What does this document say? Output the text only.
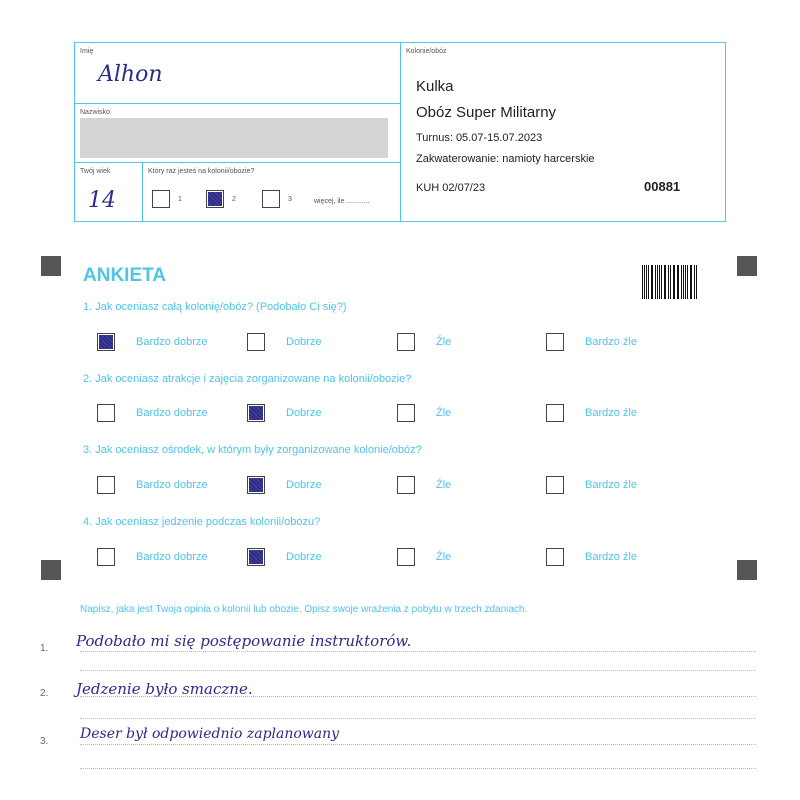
Imię
Alhon
Nazwisko
Twój wiek
14
Który raz jesteś na kolonii/obozie?
1	2	3	więcej, ile ............
Kolonie/obóz
Kulka
Obóz Super Militarny
Turnus: 05.07-15.07.2023
Zakwaterowanie: namioty harcerskie
KUH 02/07/23	00881
ANKIETA
1. Jak oceniasz całą kolonię/obóz? (Podobało Ci się?)
2. Jak oceniasz atrakcje i zajęcia zorganizowane na kolonii/obozie?
3. Jak oceniasz ośrodek, w którym były zorganizowane kolonie/obóz?
4. Jak oceniasz jedzenie podczas kolonii/obozu?
Bardzo dobrze	Dobrze	Źle	Bardzo źle
Bardzo dobrze	Dobrze	Źle	Bardzo źle
Bardzo dobrze	Dobrze	Źle	Bardzo źle
Bardzo dobrze	Dobrze	Źle	Bardzo źle
Napisz, jaka jest Twoja opinia o kolonii lub obozie. Opisz swoje wrażenia z pobytu w trzech zdaniach.
1. Podobało mi się postępowanie instruktorów.
2. Jedzenie było smaczne.
3. Deser był odpowiednio zaplanowany
